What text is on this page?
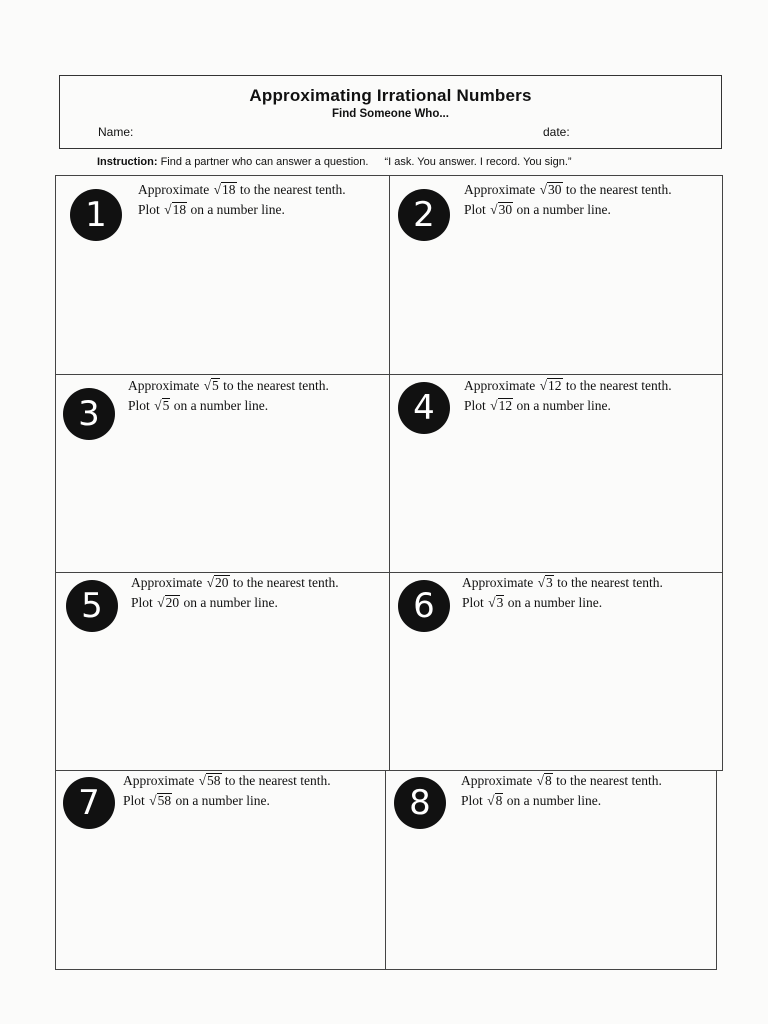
Approximating Irrational Numbers
Find Someone Who...
Name:	date:
Instruction: Find a partner who can answer a question. “I ask. You answer. I record. You sign.”
1
Approximate √18 to the nearest tenth.
Plot √18 on a number line.	2
Approximate √30 to the nearest tenth.
Plot √30 on a number line.
3
Approximate √5 to the nearest tenth.
Plot √5 on a number line.	4
Approximate √12 to the nearest tenth.
Plot √12 on a number line.
5
Approximate √20 to the nearest tenth.
Plot √20 on a number line.	6
Approximate √3 to the nearest tenth.
Plot √3 on a number line.
7
Approximate √58 to the nearest tenth.
Plot √58 on a number line.	8
Approximate √8 to the nearest tenth.
Plot √8 on a number line.
